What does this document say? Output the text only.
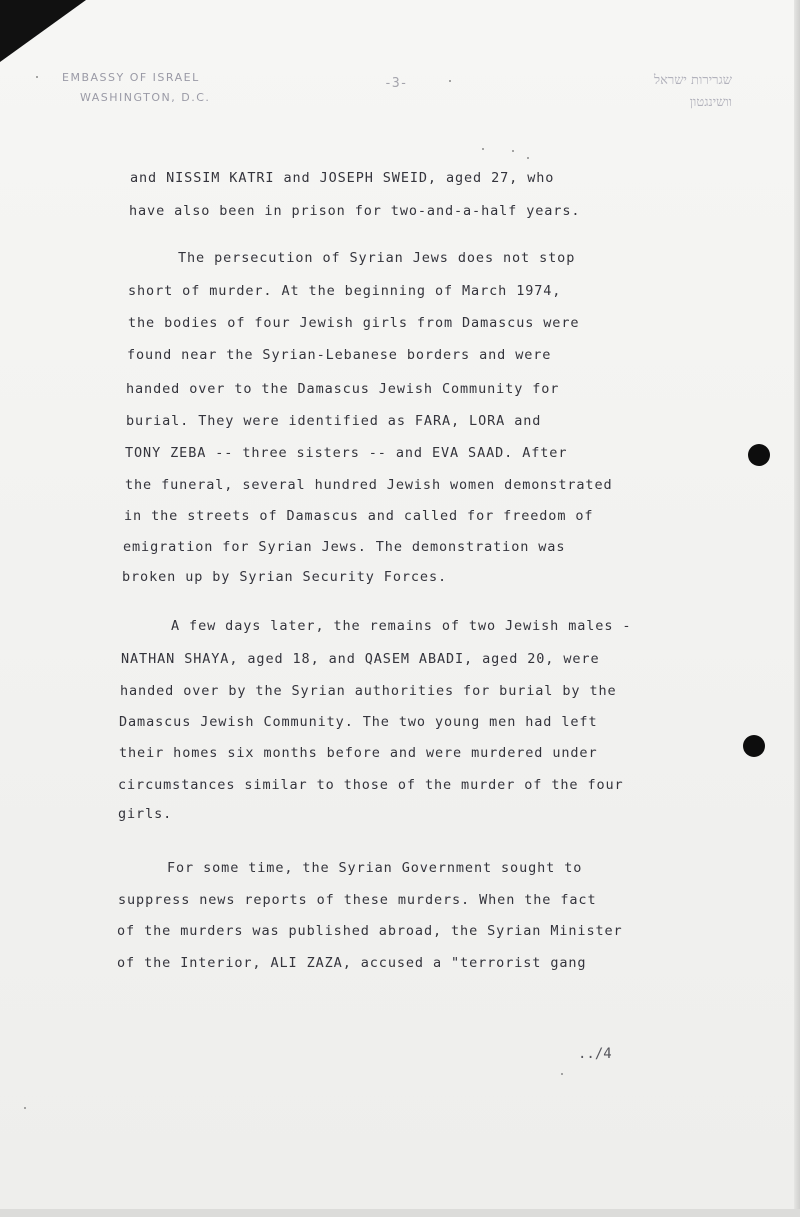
EMBASSY OF ISRAEL
WASHINGTON, D.C.
-3-	שגרירות ישראל
וושינגטון
and NISSIM KATRI and JOSEPH SWEID, aged 27, who
have also been in prison for two-and-a-half years.
The persecution of Syrian Jews does not stop
short of murder. At the beginning of March 1974,
the bodies of four Jewish girls from Damascus were
found near the Syrian-Lebanese borders and were
handed over to the Damascus Jewish Community for
burial. They were identified as FARA, LORA and
TONY ZEBA -- three sisters -- and EVA SAAD. After
the funeral, several hundred Jewish women demonstrated
in the streets of Damascus and called for freedom of
emigration for Syrian Jews. The demonstration was
broken up by Syrian Security Forces.
A few days later, the remains of two Jewish males -
NATHAN SHAYA, aged 18, and QASEM ABADI, aged 20, were
handed over by the Syrian authorities for burial by the
Damascus Jewish Community. The two young men had left
their homes six months before and were murdered under
circumstances similar to those of the murder of the four
girls.
For some time, the Syrian Government sought to
suppress news reports of these murders. When the fact
of the murders was published abroad, the Syrian Minister
of the Interior, ALI ZAZA, accused a "terrorist gang
../4
